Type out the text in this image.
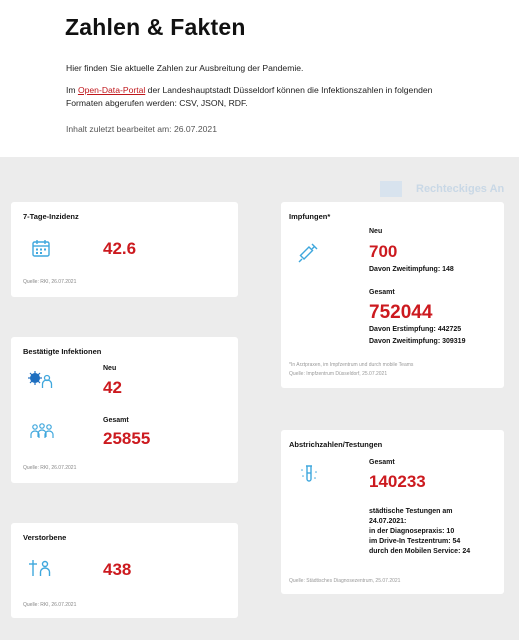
Zahlen & Fakten
Hier finden Sie aktuelle Zahlen zur Ausbreitung der Pandemie.
Im Open-Data-Portal der Landeshauptstadt Düsseldorf können die Infektionszahlen in folgenden Formaten abgerufen werden: CSV, JSON, RDF.
Inhalt zuletzt bearbeitet am: 26.07.2021
Rechteckiges An
7-Tage-Inzidenz
42.6
Quelle: RKI, 26.07.2021
Bestätigte Infektionen
Neu
42
Gesamt
25855
Quelle: RKI, 26.07.2021
Verstorbene
438
Quelle: RKI, 26.07.2021
Impfungen*
Neu
700
Davon Zweitimpfung: 148
Gesamt
752044
Davon Erstimpfung: 442725
Davon Zweitimpfung: 309319
*In Arztpraxen, im Impfzentrum und durch mobile Teams
Quelle: Impfzentrum Düsseldorf, 25.07.2021
Abstrichzahlen/Testungen
Gesamt
140233
städtische Testungen am
24.07.2021:
in der Diagnosepraxis: 10
im Drive-In Testzentrum: 54
durch den Mobilen Service: 24
Quelle: Städtisches Diagnosezentrum, 25.07.2021
